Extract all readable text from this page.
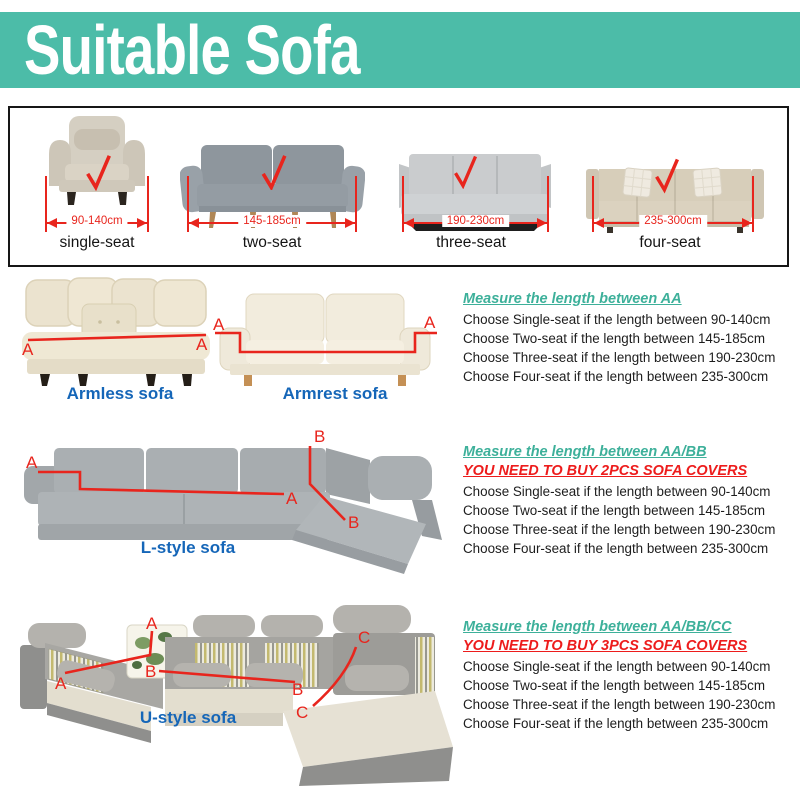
Suitable Sofa
90-140cm
single-seat
145-185cm
two-seat
190-230cm
three-seat
235-300cm
four-seat
A	A
Armless sofa
A	A
Armrest sofa
Measure the length between AA

Choose Single-seat if the length between 90-140cm

Choose Two-seat if the length between 145-185cm

Choose Three-seat if the length between 190-230cm

Choose Four-seat if the length between 235-300cm

A
A
B
B
L-style sofa
Measure the length between AA/BB

YOU NEED TO BUY 2PCS SOFA COVERS

Choose Single-seat if the length between 90-140cm

Choose Two-seat if the length between 145-185cm

Choose Three-seat if the length between 190-230cm

Choose Four-seat if the length between 235-300cm

A
A
B
B
C
C
U-style sofa
Measure the length between AA/BB/CC

YOU NEED TO BUY 3PCS SOFA COVERS

Choose Single-seat if the length between 90-140cm

Choose Two-seat if the length between 145-185cm

Choose Three-seat if the length between 190-230cm

Choose Four-seat if the length between 235-300cm
